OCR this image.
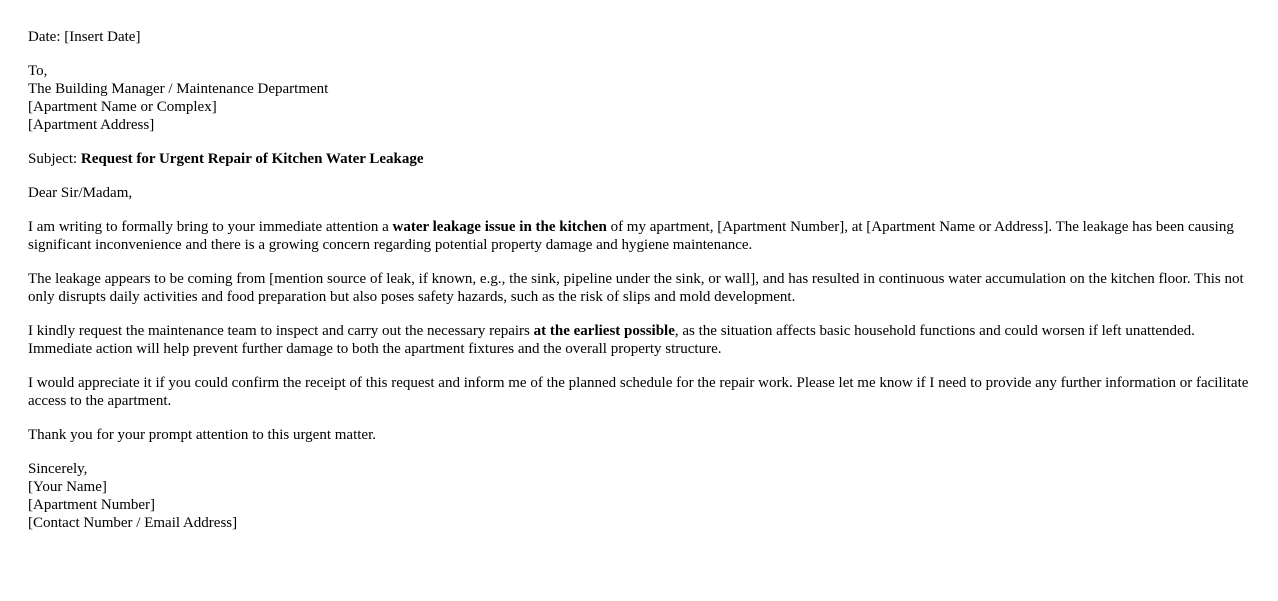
Date: [Insert Date]

To,
The Building Manager / Maintenance Department
[Apartment Name or Complex]
[Apartment Address]

Subject: Request for Urgent Repair of Kitchen Water Leakage

Dear Sir/Madam,

I am writing to formally bring to your immediate attention a water leakage issue in the kitchen of my apartment, [Apartment Number], at [Apartment Name or Address]. The leakage has been causing significant inconvenience and there is a growing concern regarding potential property damage and hygiene maintenance.

The leakage appears to be coming from [mention source of leak, if known, e.g., the sink, pipeline under the sink, or wall], and has resulted in continuous water accumulation on the kitchen floor. This not only disrupts daily activities and food preparation but also poses safety hazards, such as the risk of slips and mold development.

I kindly request the maintenance team to inspect and carry out the necessary repairs at the earliest possible, as the situation affects basic household functions and could worsen if left unattended. Immediate action will help prevent further damage to both the apartment fixtures and the overall property structure.

I would appreciate it if you could confirm the receipt of this request and inform me of the planned schedule for the repair work. Please let me know if I need to provide any further information or facilitate access to the apartment.

Thank you for your prompt attention to this urgent matter.

Sincerely,
[Your Name]
[Apartment Number]
[Contact Number / Email Address]
